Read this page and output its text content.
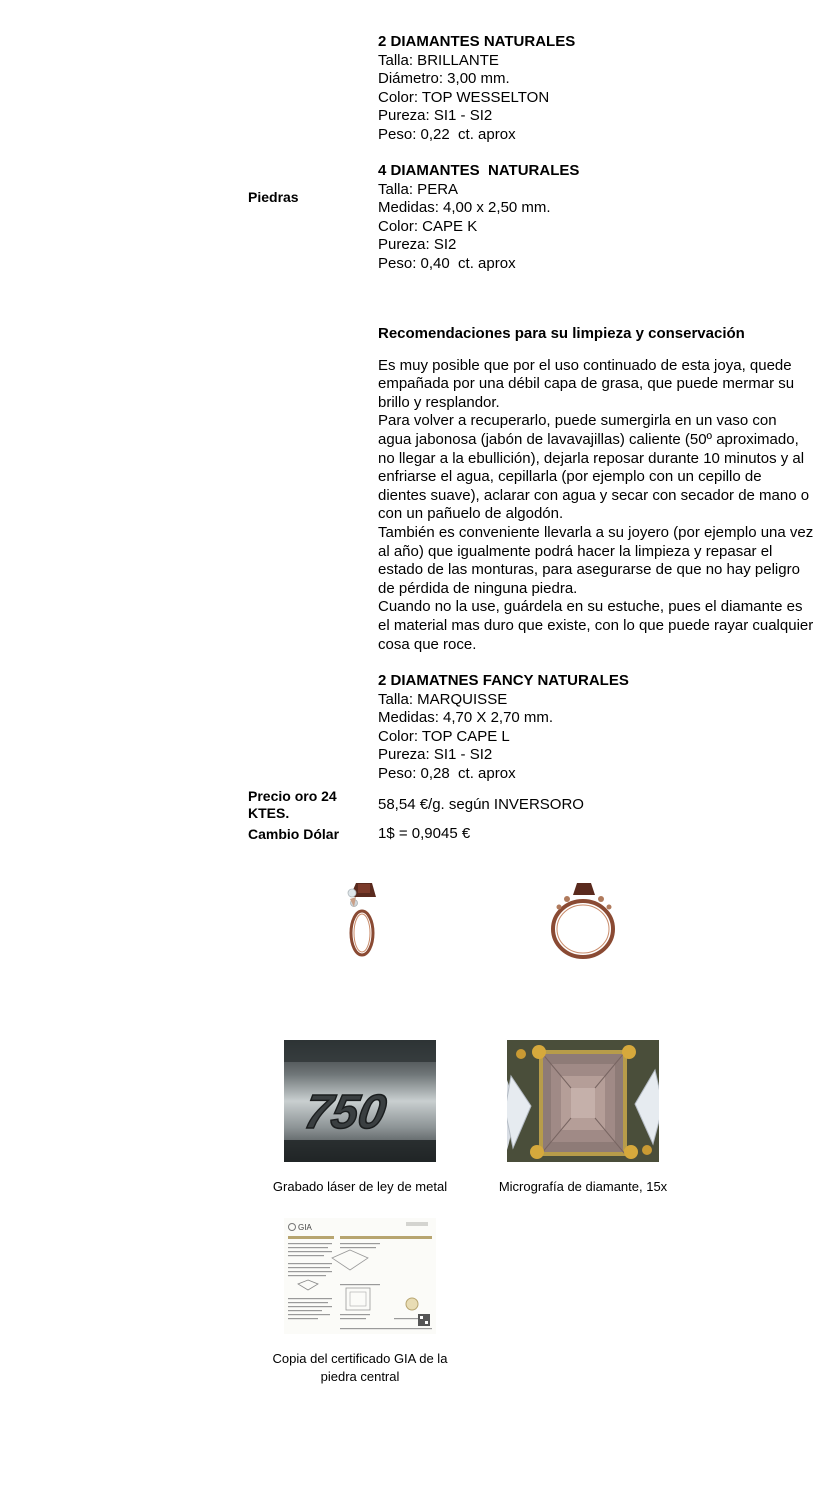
Piedras
2 DIAMANTES NATURALES
Talla: BRILLANTE
Diámetro: 3,00 mm.
Color: TOP WESSELTON
Pureza: SI1 - SI2
Peso: 0,22  ct. aprox
4 DIAMANTES  NATURALES
Talla: PERA
Medidas: 4,00 x 2,50 mm.
Color: CAPE K
Pureza: SI2
Peso: 0,40  ct. aprox
Recomendaciones para su limpieza y conservación
Es muy posible que por el uso continuado de esta joya, quede empañada por una débil capa de grasa, que puede mermar su brillo y resplandor.
Para volver a recuperarlo, puede sumergirla en un vaso con agua jabonosa (jabón de lavavajillas) caliente (50º aproximado, no llegar a la ebullición), dejarla reposar durante 10 minutos y al enfriarse el agua, cepillarla (por ejemplo con un cepillo de dientes suave), aclarar con agua y secar con secador de mano o con un pañuelo de algodón.
También es conveniente llevarla a su joyero (por ejemplo una vez al año) que igualmente podrá hacer la limpieza y repasar el estado de las monturas, para asegurarse de que no hay peligro de pérdida de ninguna piedra.
Cuando no la use, guárdela en su estuche, pues el diamante es el material mas duro que existe, con lo que puede rayar cualquier cosa que roce.
2 DIAMATNES FANCY NATURALES
Talla: MARQUISSE
Medidas: 4,70 X 2,70 mm.
Color: TOP CAPE L
Pureza: SI1 - SI2
Peso: 0,28  ct. aprox
Precio oro 24 KTES.	58,54 €/g. según INVERSORO
Cambio Dólar	1$ = 0,9045 €
750
Grabado láser de ley de metal	Micrografía de diamante, 15x
GIA
Copia del certificado GIA de la piedra central
